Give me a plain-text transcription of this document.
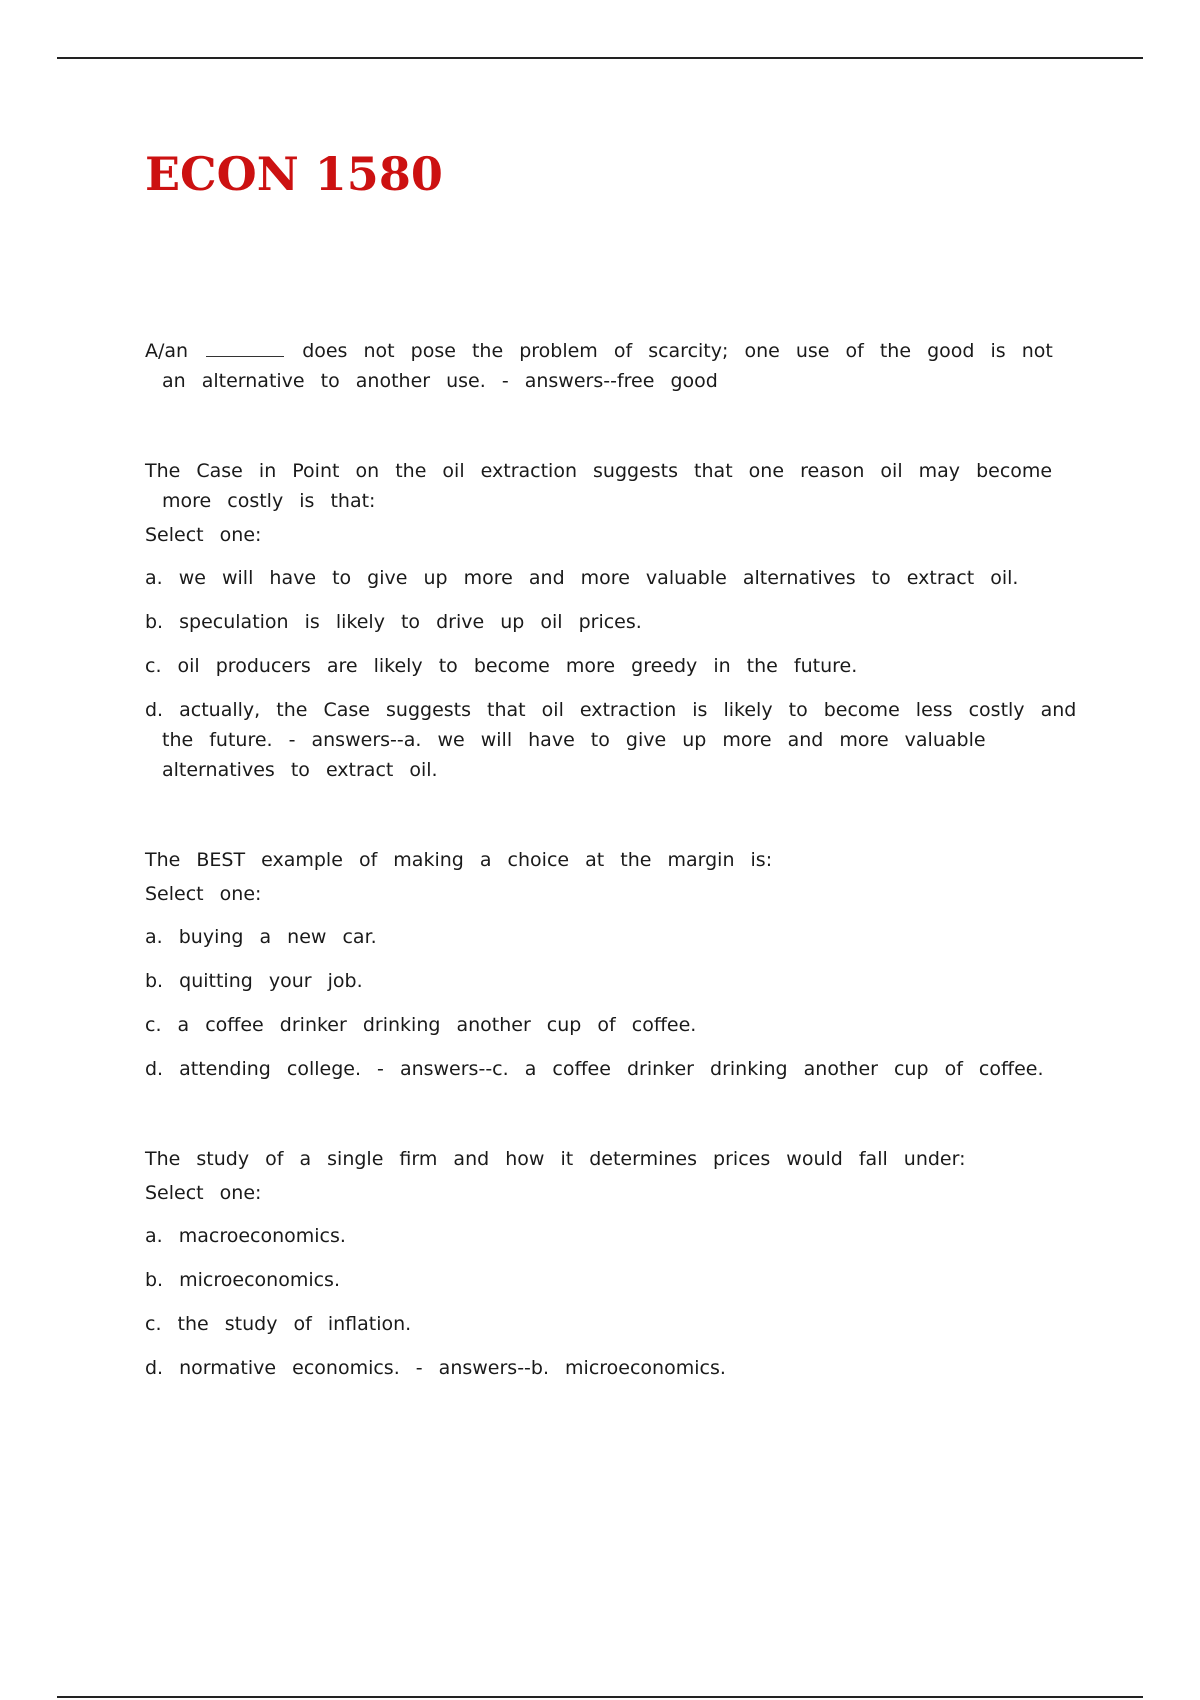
ECON 1580

A/an	does not pose the problem of scarcity; one use of the good is not an alternative to another use. - answers--free good

The Case in Point on the oil extraction suggests that one reason oil may become more costly is that:

Select one:

a. we will have to give up more and more valuable alternatives to extract oil.

b. speculation is likely to drive up oil prices.

c. oil producers are likely to become more greedy in the future.

d. actually, the Case suggests that oil extraction is likely to become less costly and the future. - answers--a. we will have to give up more and more valuable alternatives to extract oil.

The BEST example of making a choice at the margin is:

Select one:

a. buying a new car.

b. quitting your job.

c. a coffee drinker drinking another cup of coffee.

d. attending college. - answers--c. a coffee drinker drinking another cup of coffee.

The study of a single firm and how it determines prices would fall under:

Select one:

a. macroeconomics.

b. microeconomics.

c. the study of inflation.

d. normative economics. - answers--b. microeconomics.
